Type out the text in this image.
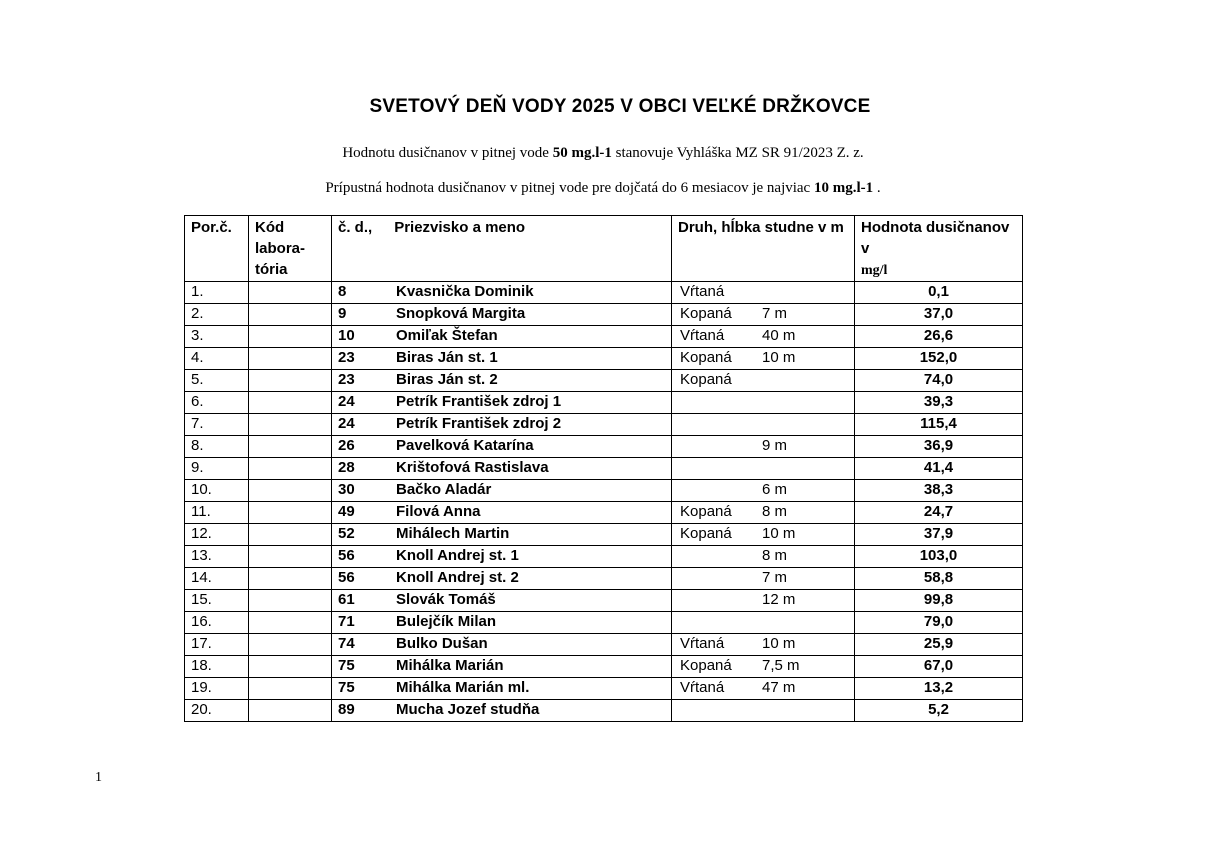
SVETOVÝ DEŇ VODY 2025 V OBCI VEĽKÉ DRŽKOVCE
Hodnotu dusičnanov v pitnej vode 50 mg.l-1 stanovuje Vyhláška MZ SR 91/2023 Z. z.
Prípustná hodnota dusičnanov v pitnej vode pre dojčatá do 6 mesiacov je najviac 10 mg.l-1 .
Por.č.	Kód labora-tória	č. d., Priezvisko a meno	Druh, hĺbka studne v m	Hodnota dusičnanov v
mg/l
1.		8 Kvasnička Dominik	Vŕtaná	0,1
2.		9 Snopková Margita	Kopaná 7 m	37,0
3.		10 Omiľak Štefan	Vŕtaná 40 m	26,6
4.		23 Biras Ján st. 1	Kopaná 10 m	152,0
5.		23 Biras Ján st. 2	Kopaná	74,0
6.		24 Petrík František zdroj 1		39,3
7.		24 Petrík František zdroj 2		115,4
8.		26 Pavelková Katarína	9 m	36,9
9.		28 Krištofová Rastislava		41,4
10.		30 Bačko Aladár	6 m	38,3
11.		49 Filová Anna	Kopaná 8 m	24,7
12.		52 Mihálech Martin	Kopaná 10 m	37,9
13.		56 Knoll Andrej st. 1	8 m	103,0
14.		56 Knoll Andrej st. 2	7 m	58,8
15.		61 Slovák Tomáš	12 m	99,8
16.		71 Bulejčík Milan		79,0
17.		74 Bulko Dušan	Vŕtaná 10 m	25,9
18.		75 Mihálka Marián	Kopaná 7,5 m	67,0
19.		75 Mihálka Marián ml.	Vŕtaná 47 m	13,2
20.		89 Mucha Jozef studňa		5,2
1
